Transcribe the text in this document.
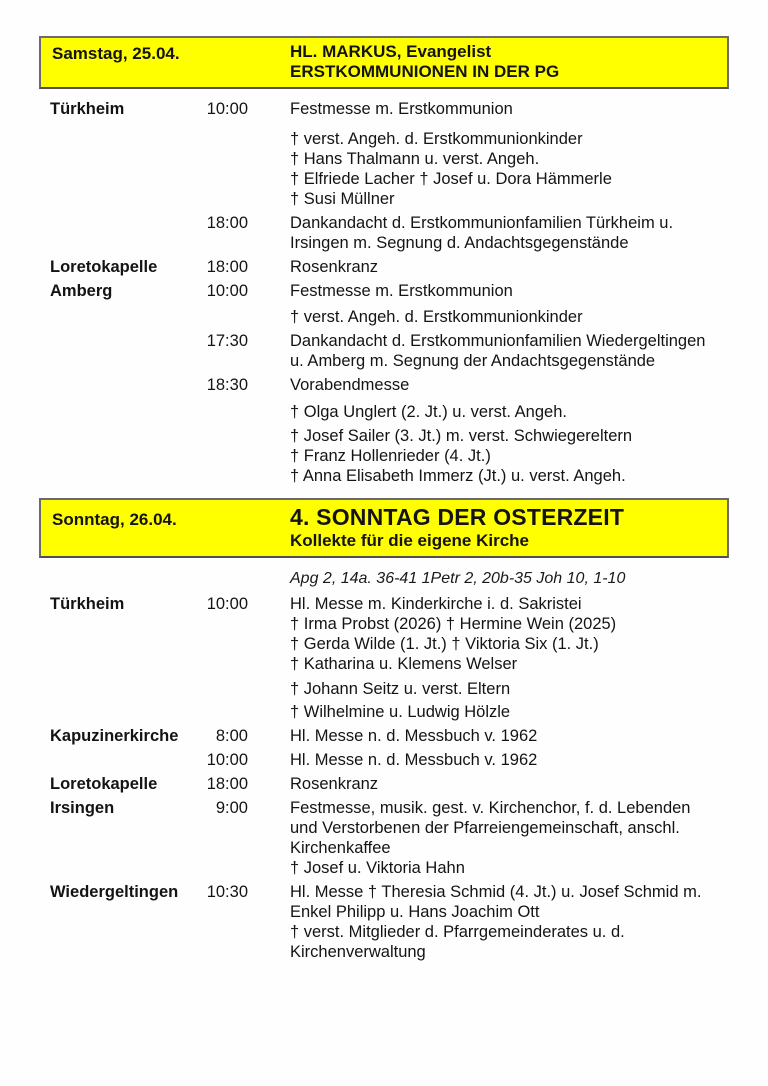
Samstag, 25.04.	HL. MARKUS, Evangelist
ERSTKOMMUNIONEN IN DER PG
Türkheim	10:00	Festmesse m. Erstkommunion

† verst. Angeh. d. Erstkommunionkinder

† Hans Thalmann u. verst. Angeh.

† Elfriede Lacher † Josef u. Dora Hämmerle

† Susi Müllner

18:00	Dankandacht d. Erstkommunionfamilien Türkheim u. Irsingen m. Segnung d. Andachtsgegenstände

Loretokapelle	18:00	Rosenkranz

Amberg	10:00	Festmesse m. Erstkommunion

† verst. Angeh. d. Erstkommunionkinder

17:30	Dankandacht d. Erstkommunionfamilien Wiedergeltingen u. Amberg m. Segnung der Andachtsgegenstände

18:30	Vorabendmesse

† Olga Unglert (2. Jt.) u. verst. Angeh.

† Josef Sailer (3. Jt.) m. verst. Schwiegereltern

† Franz Hollenrieder (4. Jt.)

† Anna Elisabeth Immerz (Jt.) u. verst. Angeh.

Sonntag, 26.04.	4. SONNTAG DER OSTERZEIT
Kollekte für die eigene Kirche
Apg 2, 14a. 36-41 1Petr 2, 20b-35 Joh 10, 1-10
Türkheim	10:00	Hl. Messe m. Kinderkirche i. d. Sakristei

† Irma Probst (2026) † Hermine Wein (2025)

† Gerda Wilde (1. Jt.) † Viktoria Six (1. Jt.)

† Katharina u. Klemens Welser

† Johann Seitz u. verst. Eltern

† Wilhelmine u. Ludwig Hölzle

Kapuzinerkirche	8:00	Hl. Messe n. d. Messbuch v. 1962

10:00	Hl. Messe n. d. Messbuch v. 1962

Loretokapelle	18:00	Rosenkranz

Irsingen	9:00	Festmesse, musik. gest. v. Kirchenchor, f. d. Lebenden und Verstorbenen der Pfarreiengemeinschaft, anschl. Kirchenkaffee

† Josef u. Viktoria Hahn

Wiedergeltingen	10:30	Hl. Messe † Theresia Schmid (4. Jt.) u. Josef Schmid m. Enkel Philipp u. Hans Joachim Ott

† verst. Mitglieder d. Pfarrgemeinderates u. d. Kirchenverwaltung
